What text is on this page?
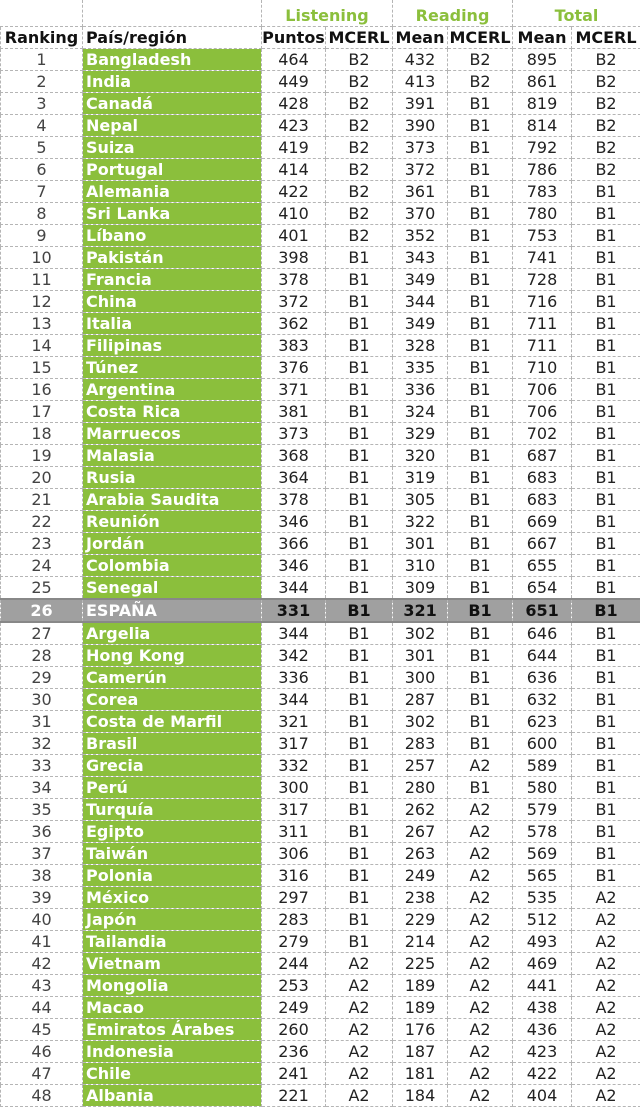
		Listening		Reading		Total	
Ranking	País/región	Puntos	MCERL	Mean	MCERL	Mean	MCERL
1	Bangladesh	464	B2	432	B2	895	B2
2	India	449	B2	413	B2	861	B2
3	Canadá	428	B2	391	B1	819	B2
4	Nepal	423	B2	390	B1	814	B2
5	Suiza	419	B2	373	B1	792	B2
6	Portugal	414	B2	372	B1	786	B2
7	Alemania	422	B2	361	B1	783	B1
8	Sri Lanka	410	B2	370	B1	780	B1
9	Líbano	401	B2	352	B1	753	B1
10	Pakistán	398	B1	343	B1	741	B1
11	Francia	378	B1	349	B1	728	B1
12	China	372	B1	344	B1	716	B1
13	Italia	362	B1	349	B1	711	B1
14	Filipinas	383	B1	328	B1	711	B1
15	Túnez	376	B1	335	B1	710	B1
16	Argentina	371	B1	336	B1	706	B1
17	Costa Rica	381	B1	324	B1	706	B1
18	Marruecos	373	B1	329	B1	702	B1
19	Malasia	368	B1	320	B1	687	B1
20	Rusia	364	B1	319	B1	683	B1
21	Arabia Saudita	378	B1	305	B1	683	B1
22	Reunión	346	B1	322	B1	669	B1
23	Jordán	366	B1	301	B1	667	B1
24	Colombia	346	B1	310	B1	655	B1
25	Senegal	344	B1	309	B1	654	B1
26	ESPAÑA	331	B1	321	B1	651	B1
27	Argelia	344	B1	302	B1	646	B1
28	Hong Kong	342	B1	301	B1	644	B1
29	Camerún	336	B1	300	B1	636	B1
30	Corea	344	B1	287	B1	632	B1
31	Costa de Marfil	321	B1	302	B1	623	B1
32	Brasil	317	B1	283	B1	600	B1
33	Grecia	332	B1	257	A2	589	B1
34	Perú	300	B1	280	B1	580	B1
35	Turquía	317	B1	262	A2	579	B1
36	Egipto	311	B1	267	A2	578	B1
37	Taiwán	306	B1	263	A2	569	B1
38	Polonia	316	B1	249	A2	565	B1
39	México	297	B1	238	A2	535	A2
40	Japón	283	B1	229	A2	512	A2
41	Tailandia	279	B1	214	A2	493	A2
42	Vietnam	244	A2	225	A2	469	A2
43	Mongolia	253	A2	189	A2	441	A2
44	Macao	249	A2	189	A2	438	A2
45	Emiratos Árabes	260	A2	176	A2	436	A2
46	Indonesia	236	A2	187	A2	423	A2
47	Chile	241	A2	181	A2	422	A2
48	Albania	221	A2	184	A2	404	A2
